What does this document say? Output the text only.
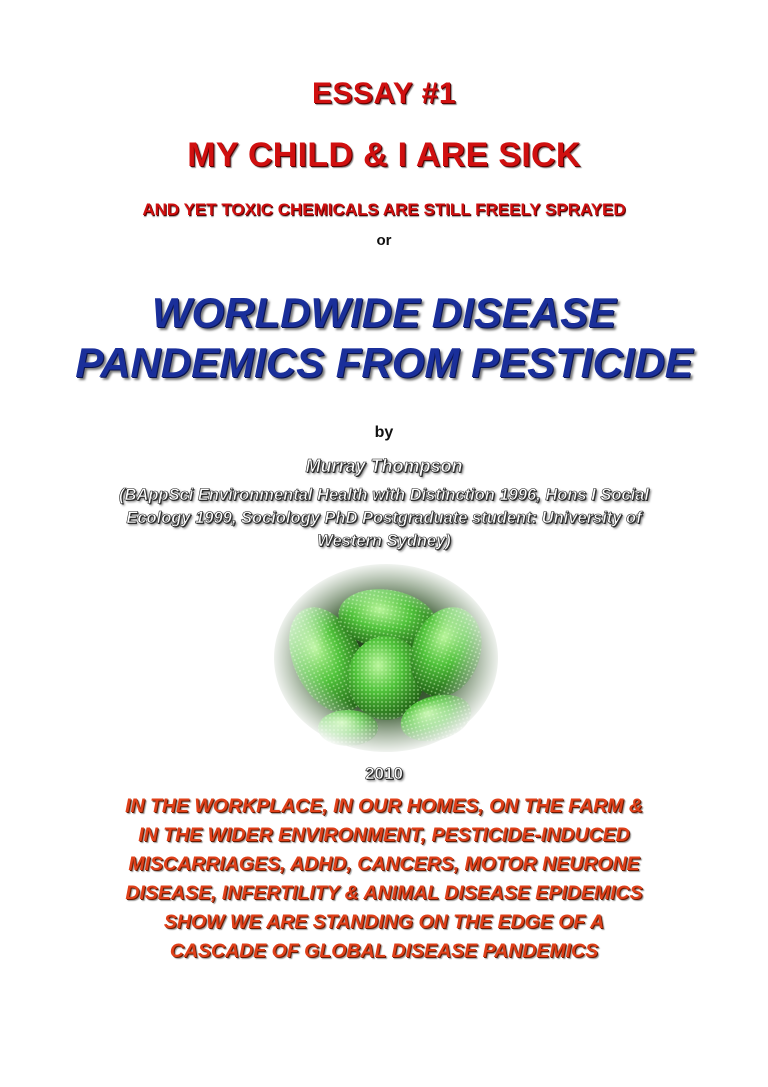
ESSAY #1
MY CHILD & I ARE SICK
AND YET TOXIC CHEMICALS ARE STILL FREELY SPRAYED
or
WORLDWIDE DISEASE
PANDEMICS FROM PESTICIDE
by
Murray Thompson
(BAppSci Environmental Health with Distinction 1996, Hons I Social
Ecology 1999, Sociology PhD Postgraduate student: University of
Western Sydney)
2010
IN THE WORKPLACE, IN OUR HOMES, ON THE FARM &
IN THE WIDER ENVIRONMENT, PESTICIDE-INDUCED
MISCARRIAGES, ADHD, CANCERS, MOTOR NEURONE
DISEASE, INFERTILITY & ANIMAL DISEASE EPIDEMICS
SHOW WE ARE STANDING ON THE EDGE OF A
CASCADE OF GLOBAL DISEASE PANDEMICS
